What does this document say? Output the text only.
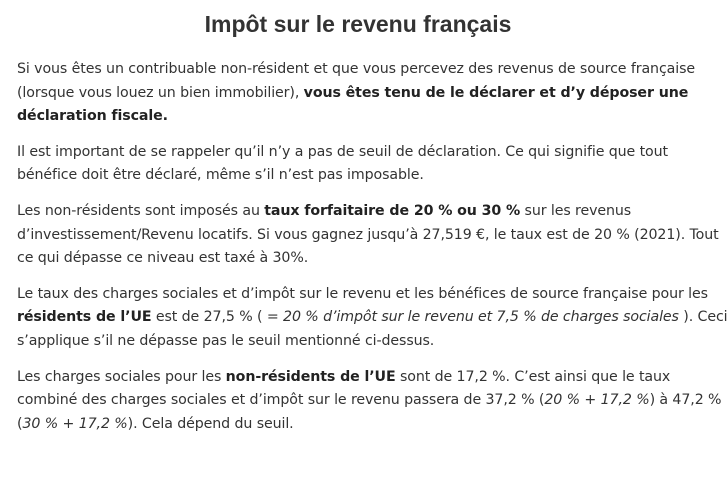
Impôt sur le revenu français

Si vous êtes un contribuable non-résident et que vous percevez des revenus de source française
(lorsque vous louez un bien immobilier), vous êtes tenu de le déclarer et d’y déposer une
déclaration fiscale.

Il est important de se rappeler qu’il n’y a pas de seuil de déclaration. Ce qui signifie que tout
bénéfice doit être déclaré, même s’il n’est pas imposable.

Les non-résidents sont imposés au taux forfaitaire de 20 % ou 30 % sur les revenus
d’investissement/Revenu locatifs. Si vous gagnez jusqu’à 27,519 €, le taux est de 20 % (2021). Tout
ce qui dépasse ce niveau est taxé à 30%.

Le taux des charges sociales et d’impôt sur le revenu et les bénéfices de source française pour les
résidents de l’UE est de 27,5 % ( = 20 % d’impôt sur le revenu et 7,5 % de charges sociales ). Ceci
s’applique s’il ne dépasse pas le seuil mentionné ci-dessus.

Les charges sociales pour les non-résidents de l’UE sont de 17,2 %. C’est ainsi que le taux
combiné des charges sociales et d’impôt sur le revenu passera de 37,2 % (20 % + 17,2 %) à 47,2 %
(30 % + 17,2 %). Cela dépend du seuil.
